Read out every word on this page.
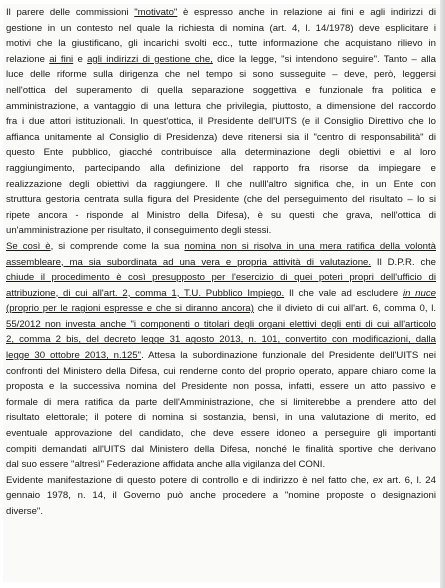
Il parere delle commissioni "motivato" è espresso anche in relazione ai fini e agli indirizzi di
gestione in un contesto nel quale la richiesta di nomina (art. 4, l. 14/1978) deve esplicitare i
motivi che la giustificano, gli incarichi svolti ecc., tutte informazione che acquistano rilievo in
relazione ai fini e agli indirizzi di gestione che, dice la legge, "si intendono seguire". Tanto – alla
luce delle riforme sulla dirigenza che nel tempo si sono susseguite – deve, però, leggersi
nell'ottica del superamento di quella separazione soggettiva e funzionale fra politica e
amministrazione, a vantaggio di una lettura che privilegia, piuttosto, a dimensione del raccordo
fra i due attori istituzionali. In quest'ottica, il Presidente dell'UITS (e il Consiglio Direttivo che lo
affianca unitamente al Consiglio di Presidenza) deve ritenersi sia il "centro di responsabilità" di
questo Ente pubblico, giacché contribuisce alla determinazione degli obiettivi e al loro
raggiungimento, partecipando alla definizione del rapporto fra risorse da impiegare e
realizzazione degli obiettivi da raggiungere. Il che nulll'altro significa che, in un Ente con
struttura gestoria centrata sulla figura del Presidente (che del perseguimento del risultato – lo si
ripete ancora - risponde al Ministro della Difesa), è su questi che grava, nell'ottica di
un'amministrazione per risultato, il conseguimento degli stessi.
Se così è, si comprende come la sua nomina non si risolva in una mera ratifica della volontà
assembleare, ma sia subordinata ad una vera e propria attività di valutazione. Il D.P.R. che
chiude il procedimento è così presupposto per l'esercizio di quei poteri propri dell'ufficio di
attribuzione, di cui all'art. 2, comma 1, T.U. Pubblico Impiego. Il che vale ad escludere in nuce
(proprio per le ragioni espresse e che si diranno ancora) che il divieto di cui all'art. 6, comma 0, l.
55/2012 non investa anche "i componenti o titolari degli organi elettivi degli enti di cui all'articolo
2, comma 2 bis, del decreto legge 31 agosto 2013, n. 101, convertito con modificazioni, dalla
legge 30 ottobre 2013, n.125". Attesa la subordinazione funzionale del Presidente dell'UITS nei
confronti del Ministero della Difesa, cui renderne conto del proprio operato, appare chiaro come la
proposta e la successiva nomina del Presidente non possa, infatti, essere un atto passivo e
formale di mera ratifica da parte dell'Amministrazione, che si limiterebbe a prendere atto del
risultato elettorale; il potere di nomina si sostanzia, bensì, in una valutazione di merito, ed
eventuale approvazione del candidato, che deve essere idoneo a perseguire gli importanti
compiti demandati all'UITS dal Ministero della Difesa, nonché le finalità sportive che derivano
dal suo essere "altresì" Federazione affidata anche alla vigilanza del CONI.
Evidente manifestazione di questo potere di controllo e di indirizzo è nel fatto che, ex art. 6, l. 24
gennaio 1978, n. 14, il Governo può anche procedere a "nomine proposte o designazioni
diverse".
